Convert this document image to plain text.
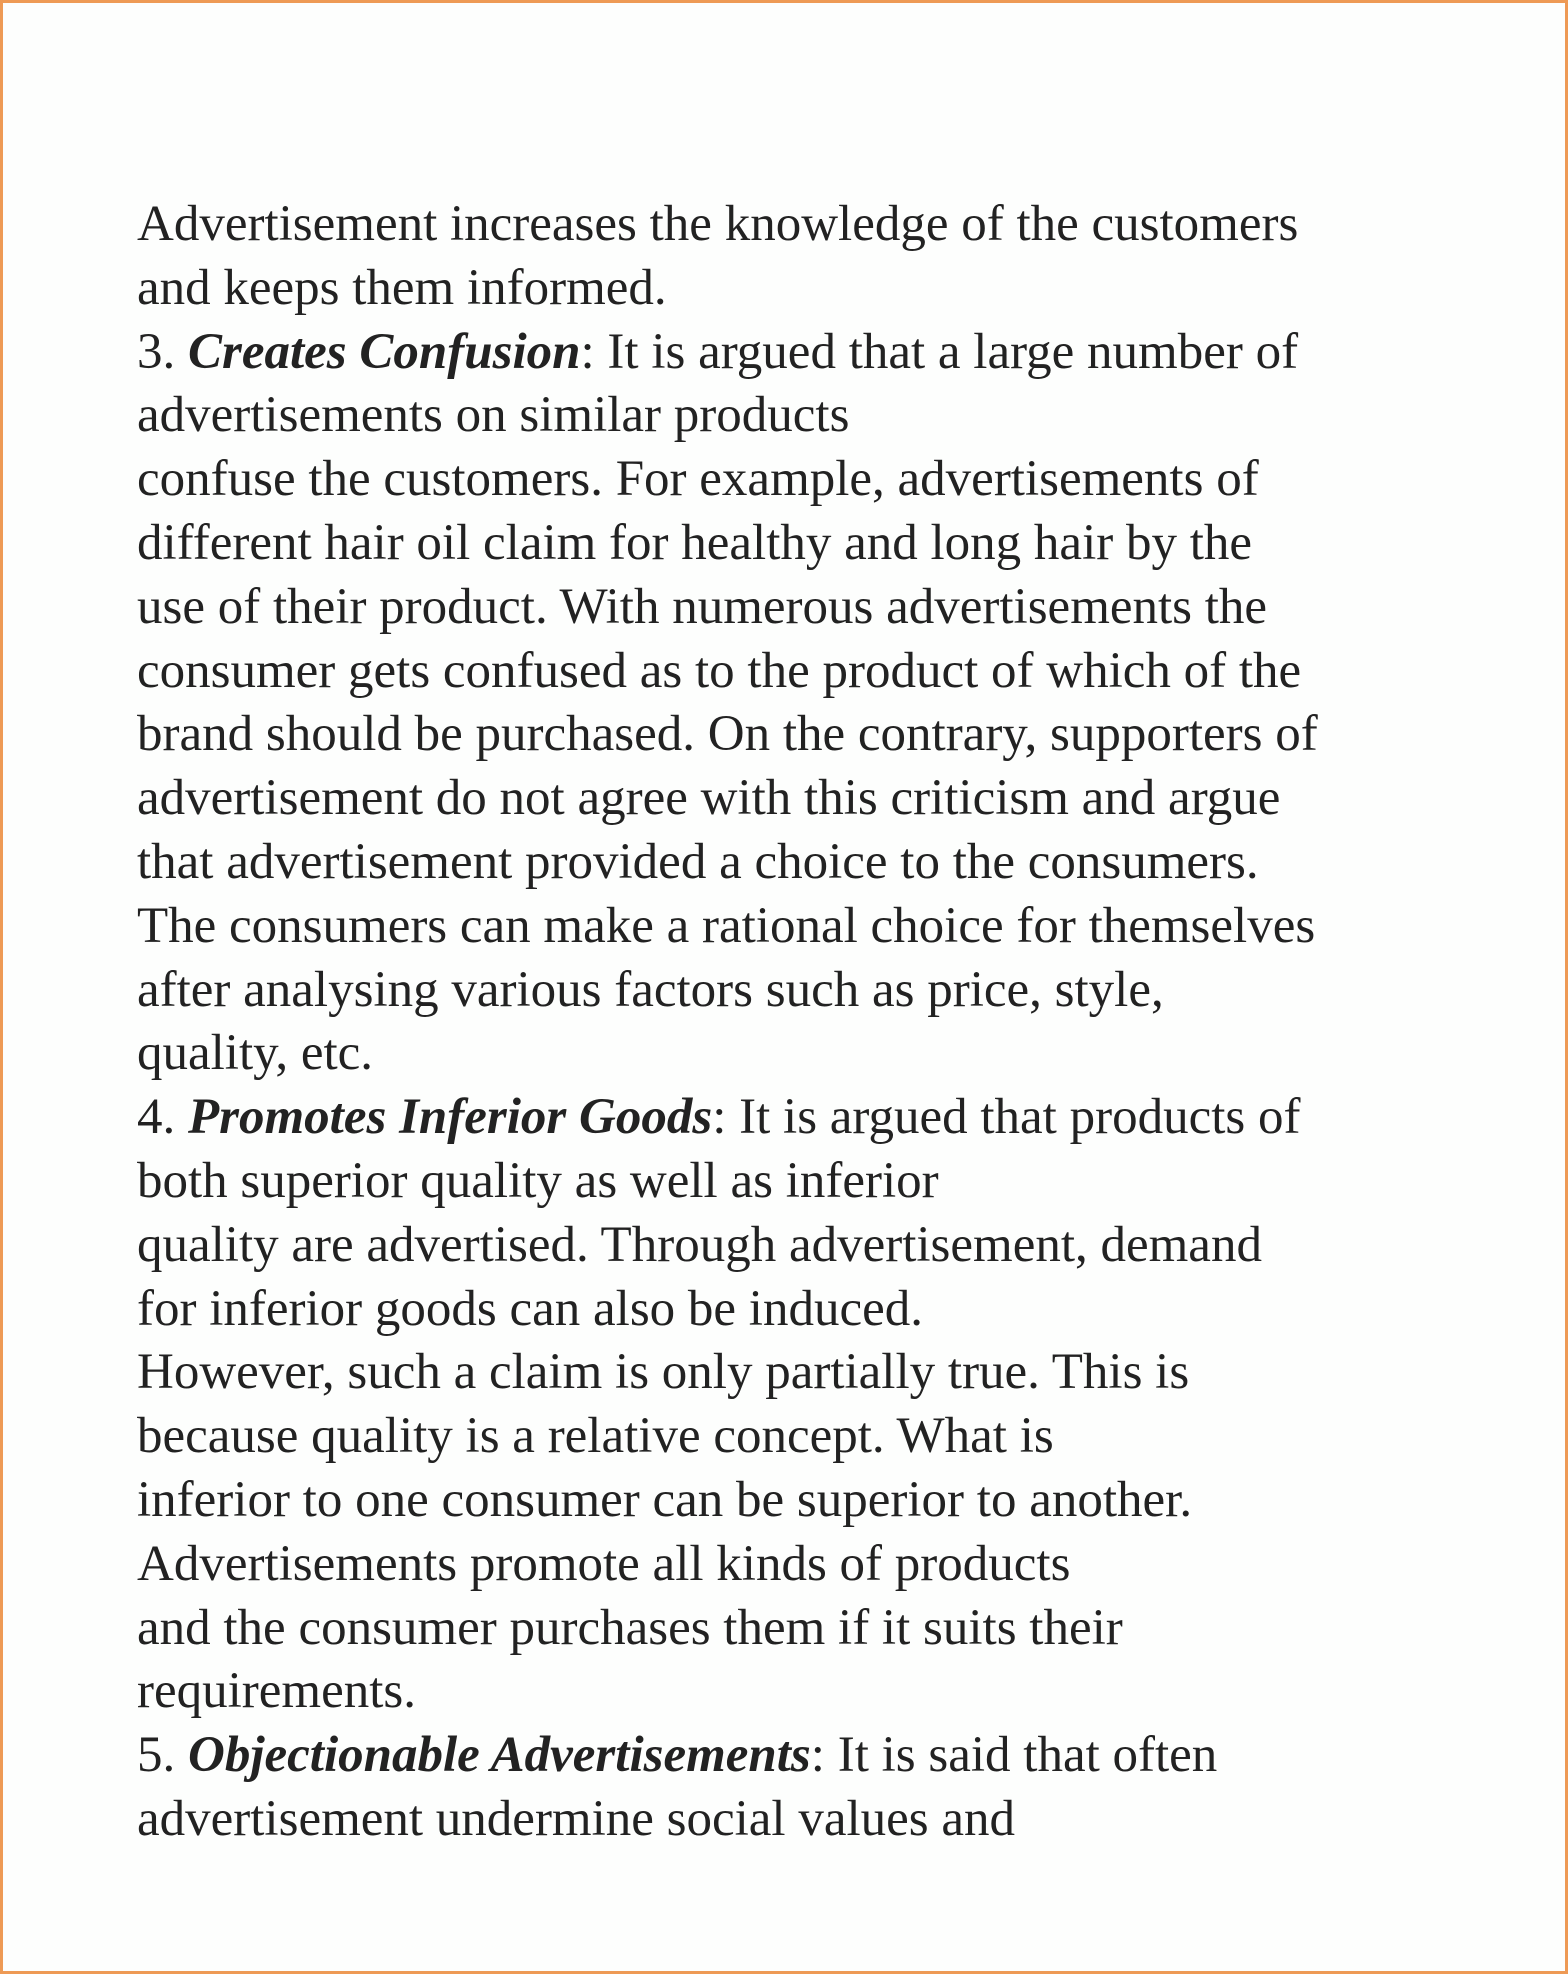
Advertisement increases the knowledge of the customers
and keeps them informed.
3. Creates Confusion: It is argued that a large number of
advertisements on similar products
confuse the customers. For example, advertisements of
different hair oil claim for healthy and long hair by the
use of their product. With numerous advertisements the
consumer gets confused as to the product of which of the
brand should be purchased. On the contrary, supporters of
advertisement do not agree with this criticism and argue
that advertisement provided a choice to the consumers.
The consumers can make a rational choice for themselves
after analysing various factors such as price, style,
quality, etc.
4. Promotes Inferior Goods: It is argued that products of
both superior quality as well as inferior
quality are advertised. Through advertisement, demand
for inferior goods can also be induced.
However, such a claim is only partially true. This is
because quality is a relative concept. What is
inferior to one consumer can be superior to another.
Advertisements promote all kinds of products
and the consumer purchases them if it suits their
requirements.
5. Objectionable Advertisements: It is said that often
advertisement undermine social values and
